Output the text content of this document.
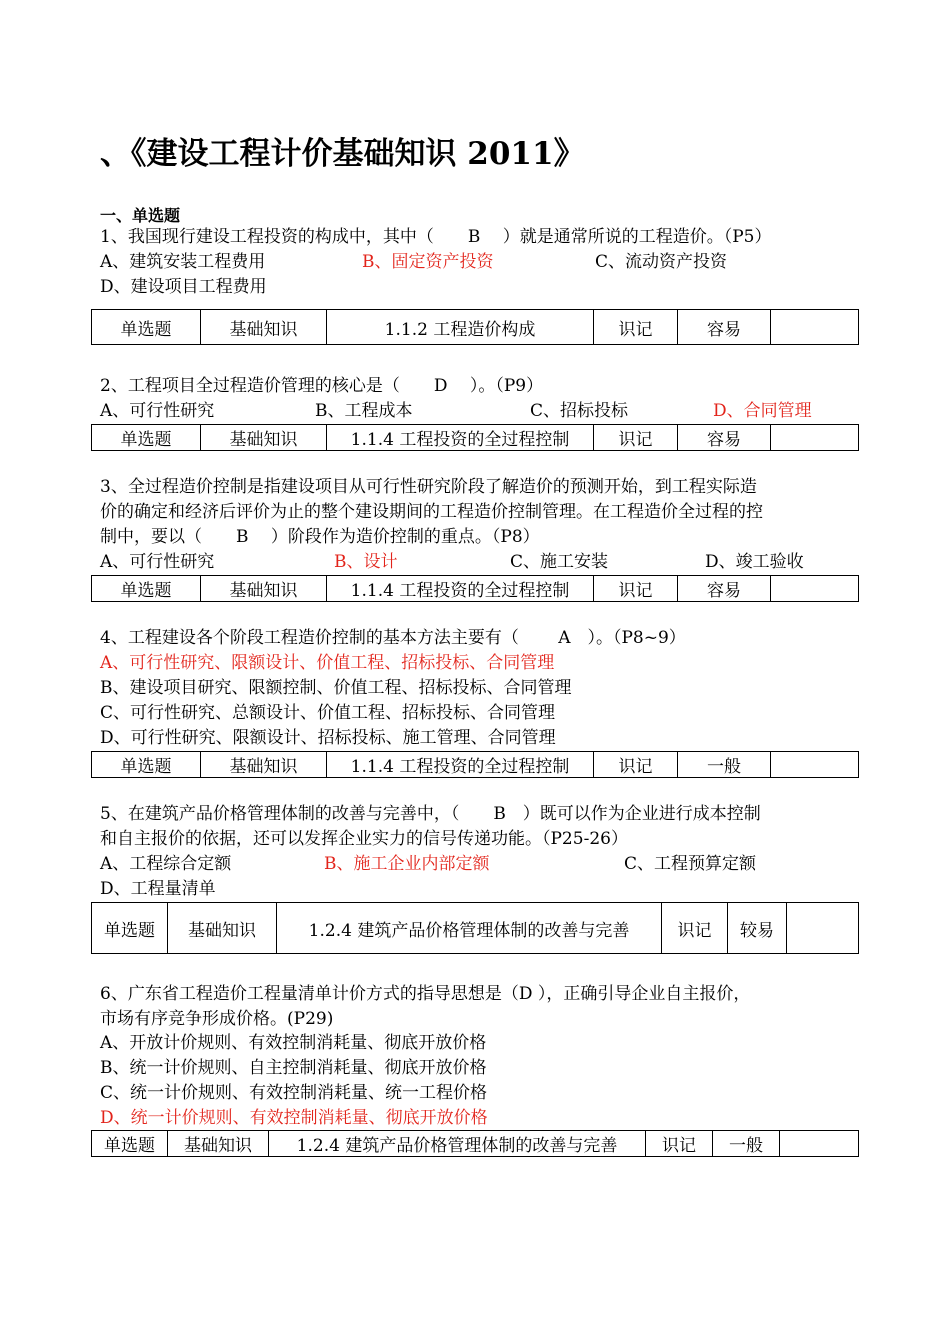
、《建设工程计价基础知识 2011》
一、单选题
1、我国现行建设工程投资的构成中，其中（　　B　 ）就是通常所说的工程造价。（P5）
A、建筑安装工程费用	B、固定资产投资	C、流动资产投资
D、建设项目工程费用
单选题	基础知识	1.1.2 工程造价构成	识记	容易	
2、工程项目全过程造价管理的核心是（　　D　 ）。（P9）
A、可行性研究	B、工程成本	C、招标投标	D、合同管理
单选题	基础知识	1.1.4 工程投资的全过程控制	识记	容易	
3、全过程造价控制是指建设项目从可行性研究阶段了解造价的预测开始，到工程实际造
价的确定和经济后评价为止的整个建设期间的工程造价控制管理。在工程造价全过程的控
制中，要以（　　B　 ）阶段作为造价控制的重点。（P8）
A、可行性研究	B、设计	C、施工安装	D、竣工验收
单选题	基础知识	1.1.4 工程投资的全过程控制	识记	容易	
4、工程建设各个阶段工程造价控制的基本方法主要有（　　 A　）。（P8~9）
A、可行性研究、限额设计、价值工程、招标投标、合同管理
B、建设项目研究、限额控制、价值工程、招标投标、合同管理
C、可行性研究、总额设计、价值工程、招标投标、合同管理
D、可行性研究、限额设计、招标投标、施工管理、合同管理
单选题	基础知识	1.1.4 工程投资的全过程控制	识记	一般	
5、在建筑产品价格管理体制的改善与完善中，（　　B　）既可以作为企业进行成本控制
和自主报价的依据，还可以发挥企业实力的信号传递功能。（P25-26）
A、工程综合定额	B、施工企业内部定额	C、工程预算定额
D、工程量清单
单选题	基础知识	1.2.4 建筑产品价格管理体制的改善与完善	识记	较易	
6、广东省工程造价工程量清单计价方式的指导思想是（D ），正确引导企业自主报价，
市场有序竞争形成价格。(P29)
A、开放计价规则、有效控制消耗量、彻底开放价格
B、统一计价规则、自主控制消耗量、彻底开放价格
C、统一计价规则、有效控制消耗量、统一工程价格
D、统一计价规则、有效控制消耗量、彻底开放价格
单选题	基础知识	1.2.4 建筑产品价格管理体制的改善与完善	识记	一般	
